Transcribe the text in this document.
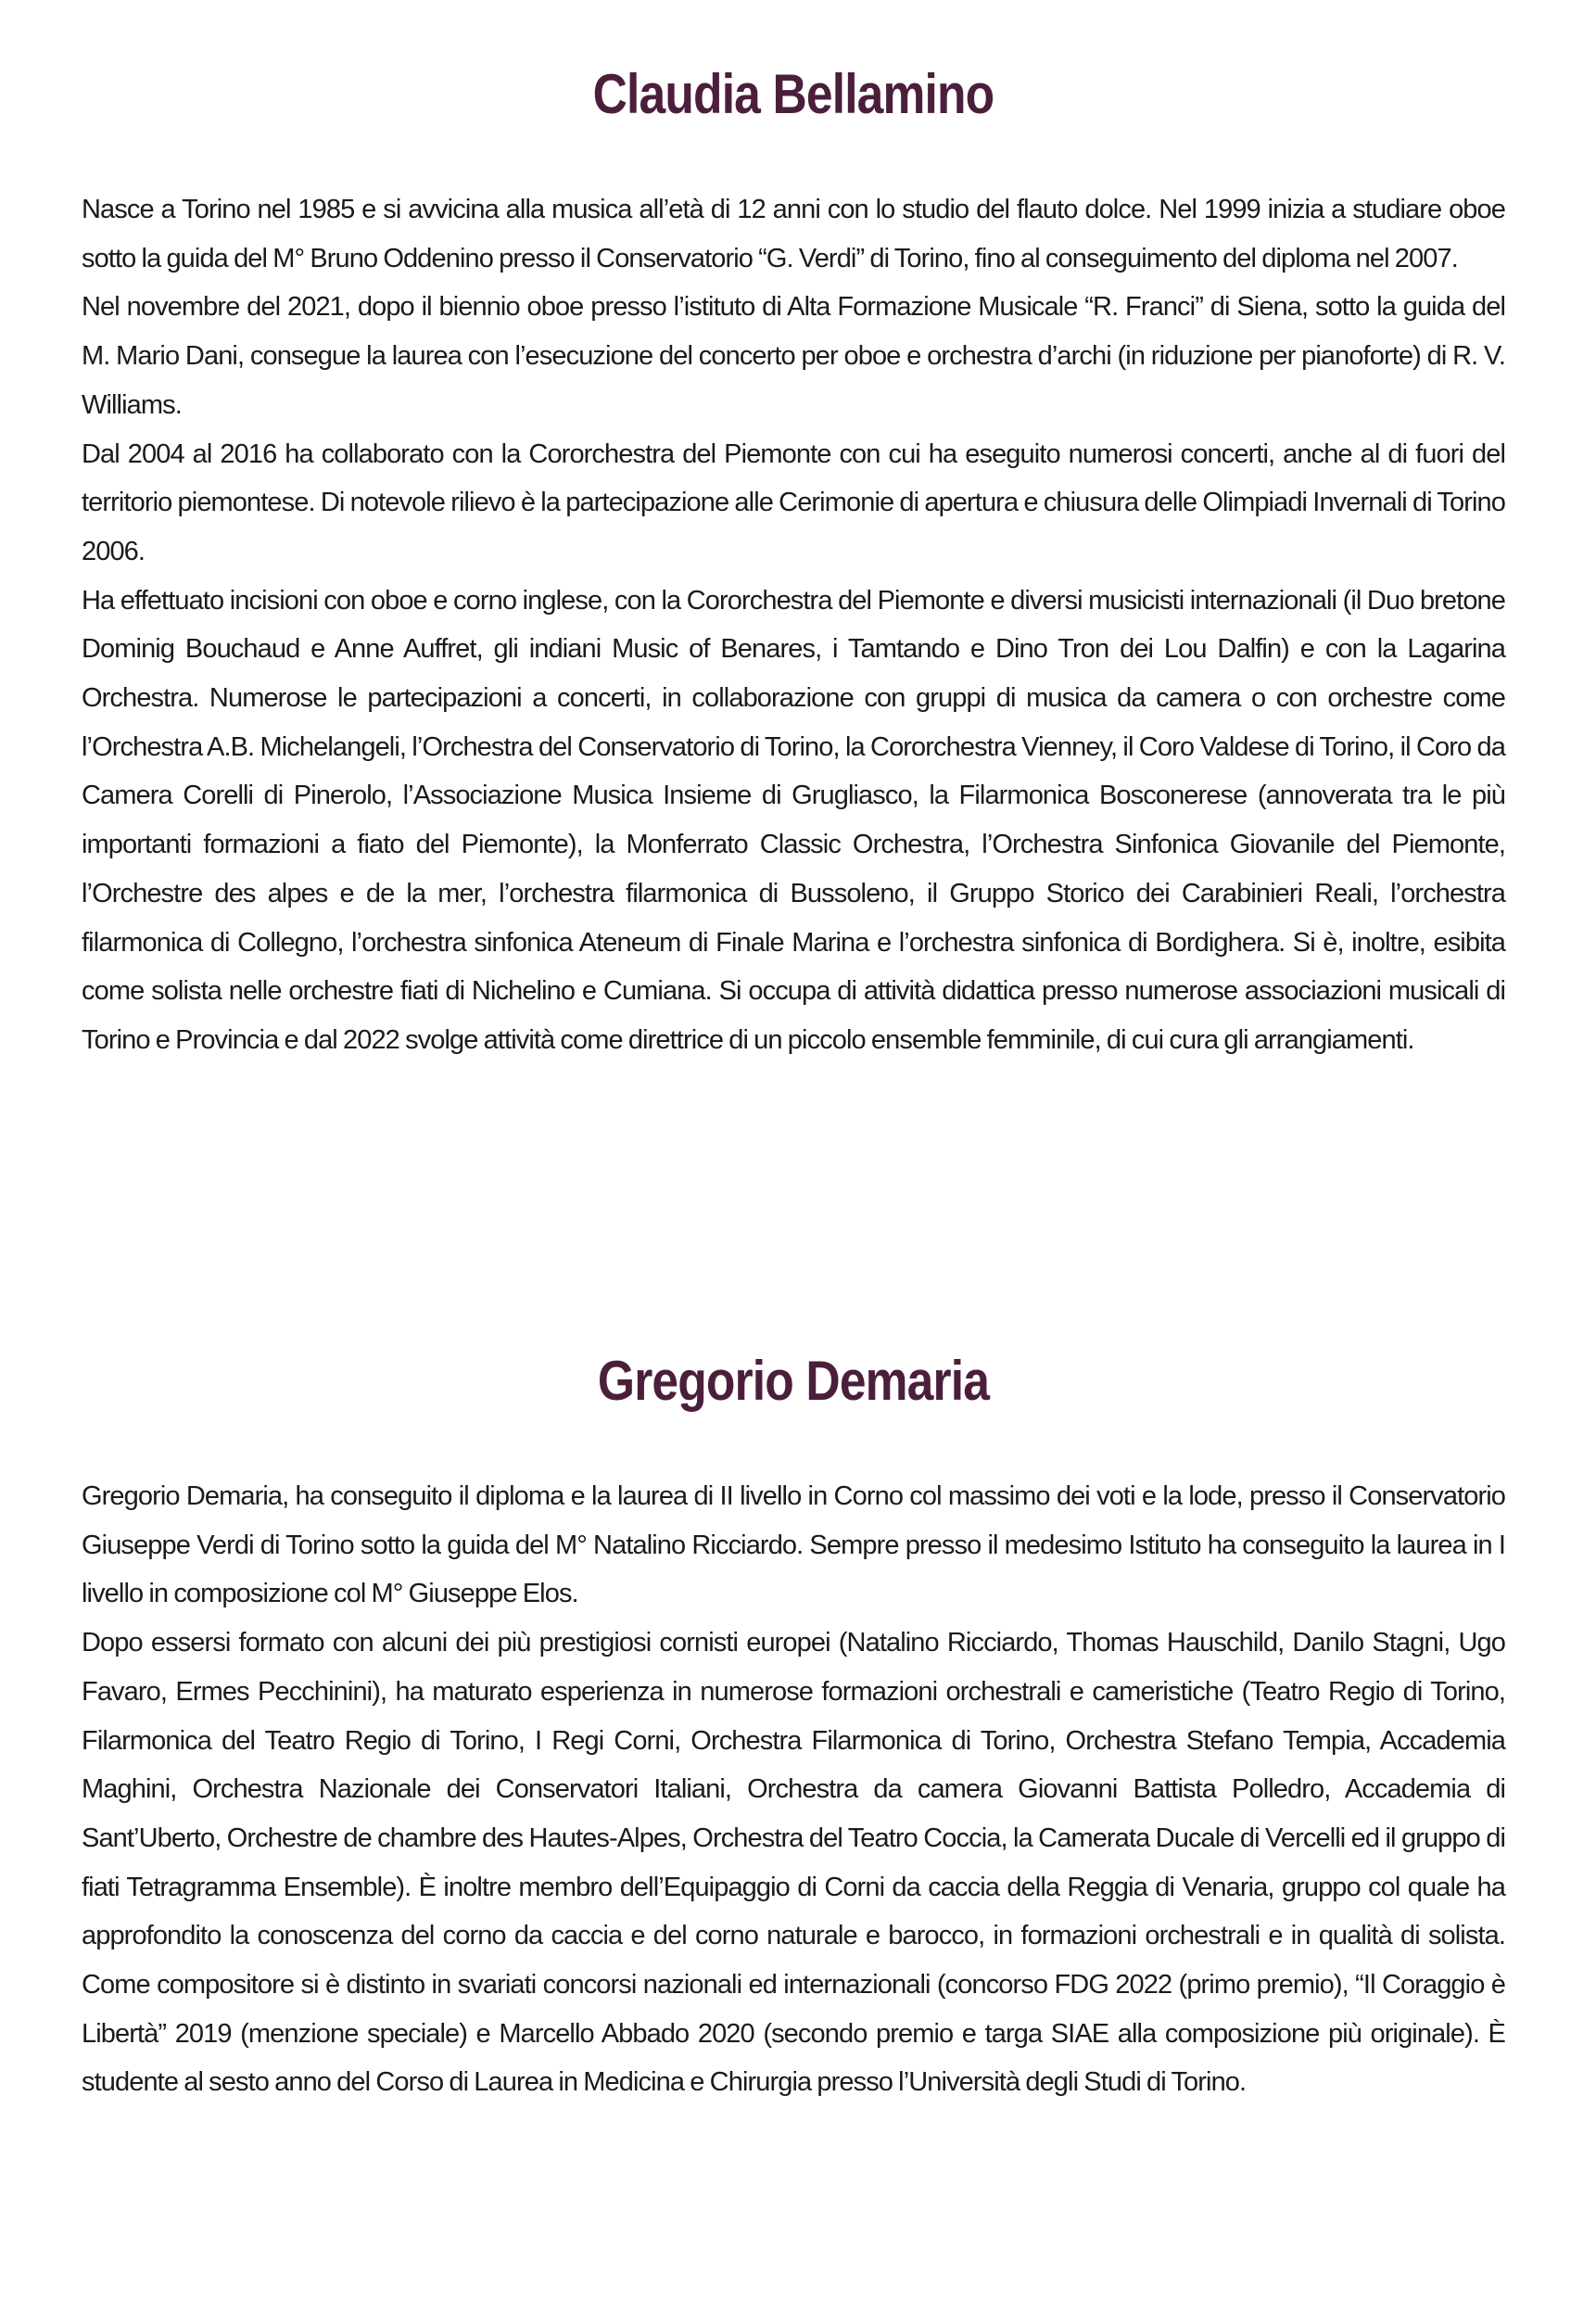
Claudia Bellamino

Nasce a Torino nel 1985 e si avvicina alla musica all’età di 12 anni con lo studio del flauto dolce. Nel 1999 inizia a studiare oboe sotto la guida del M° Bruno Oddenino presso il Conservatorio “G. Verdi” di Torino, fino al conseguimento del diploma nel 2007.

Nel novembre del 2021, dopo il biennio oboe presso l’istituto di Alta Formazione Musicale “R. Franci” di Siena, sotto la guida del M. Mario Dani, consegue la laurea con l’esecuzione del concerto per oboe e orchestra d’archi (in riduzione per pianoforte) di R. V. Williams.

Dal 2004 al 2016 ha collaborato con la Cororchestra del Piemonte con cui ha eseguito numerosi concerti, anche al di fuori del territorio piemontese. Di notevole rilievo è la partecipazione alle Cerimonie di apertura e chiusura delle Olimpiadi Invernali di Torino 2006.

Ha effettuato incisioni con oboe e corno inglese, con la Cororchestra del Piemonte e diversi musicisti internazionali (il Duo bretone Dominig Bouchaud e Anne Auffret, gli indiani Music of Benares, i Tamtando e Dino Tron dei Lou Dalfin) e con la Lagarina Orchestra. Numerose le partecipazioni a concerti, in collaborazione con gruppi di musica da camera o con orchestre come l’Orchestra A.B. Michelangeli, l’Orchestra del Conservatorio di Torino, la Cororchestra Vienney, il Coro Valdese di Torino, il Coro da Camera Corelli di Pinerolo, l’Associazione Musica Insieme di Grugliasco, la Filarmonica Bosconerese (annoverata tra le più importanti formazioni a fiato del Piemonte), la Monferrato Classic Orchestra, l’Orchestra Sinfonica Giovanile del Piemonte, l’Orchestre des alpes e de la mer, l’orchestra filarmonica di Bussoleno, il Gruppo Storico dei Carabinieri Reali, l’orchestra filarmonica di Collegno, l’orchestra sinfonica Ateneum di Finale Marina e l’orchestra sinfonica di Bordighera. Si è, inoltre, esibita come solista nelle orchestre fiati di Nichelino e Cumiana. Si occupa di attività didattica presso numerose associazioni musicali di Torino e Provincia e dal 2022 svolge attività come direttrice di un piccolo ensemble femminile, di cui cura gli arrangiamenti.

Gregorio Demaria

Gregorio Demaria, ha conseguito il diploma e la laurea di II livello in Corno col massimo dei voti e la lode, presso il Conservatorio Giuseppe Verdi di Torino sotto la guida del M° Natalino Ricciardo. Sempre presso il medesimo Istituto ha conseguito la laurea in I livello in composizione col M° Giuseppe Elos.

Dopo essersi formato con alcuni dei più prestigiosi cornisti europei (Natalino Ricciardo, Thomas Hauschild, Danilo Stagni, Ugo Favaro, Ermes Pecchinini), ha maturato esperienza in numerose formazioni orchestrali e cameristiche (Teatro Regio di Torino, Filarmonica del Teatro Regio di Torino, I Regi Corni, Orchestra Filarmonica di Torino, Orchestra Stefano Tempia, Accademia Maghini, Orchestra Nazionale dei Conservatori Italiani, Orchestra da camera Giovanni Battista Polledro, Accademia di Sant’Uberto, Orchestre de chambre des Hautes-Alpes, Orchestra del Teatro Coccia, la Camerata Ducale di Vercelli ed il gruppo di fiati Tetragramma Ensemble). È inoltre membro dell’Equipaggio di Corni da caccia della Reggia di Venaria, gruppo col quale ha approfondito la conoscenza del corno da caccia e del corno naturale e barocco, in formazioni orchestrali e in qualità di solista. Come compositore si è distinto in svariati concorsi nazionali ed internazionali (concorso FDG 2022 (primo premio), “Il Coraggio è Libertà” 2019 (menzione speciale) e Marcello Abbado 2020 (secondo premio e targa SIAE alla composizione più originale). È studente al sesto anno del Corso di Laurea in Medicina e Chirurgia presso l’Università degli Studi di Torino.
